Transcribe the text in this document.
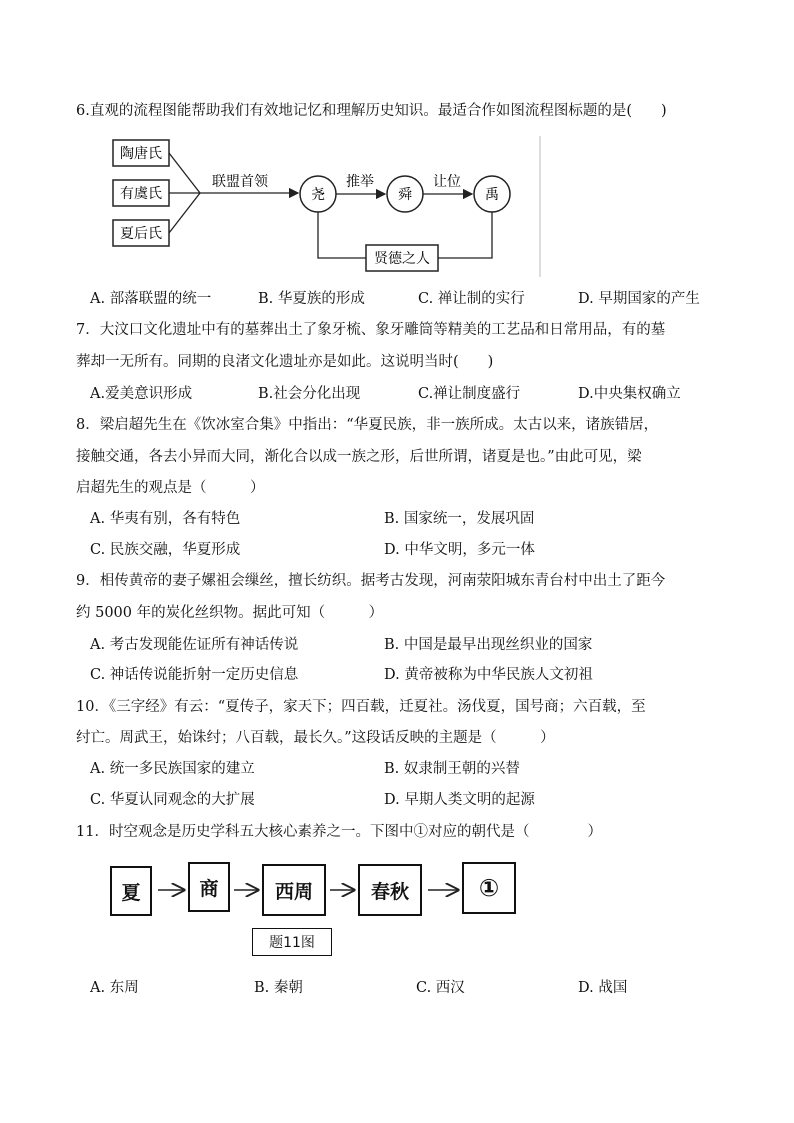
6.直观的流程图能帮助我们有效地记忆和理解历史知识。最适合作如图流程图标题的是(　　)
陶唐氏
有虞氏
夏后氏
联盟首领
尧	舜	禹
推举	让位
贤德之人
A. 部落联盟的统一	B. 华夏族的形成	C. 禅让制的实行	D. 早期国家的产生
7．大汶口文化遗址中有的墓葬出土了象牙梳、象牙雕筒等精美的工艺品和日常用品，有的墓
葬却一无所有。同期的良渚文化遗址亦是如此。这说明当时(　　)
A.爱美意识形成	B.社会分化出现	C.禅让制度盛行	D.中央集权确立
8．梁启超先生在《饮冰室合集》中指出：“华夏民族，非一族所成。太古以来，诸族错居，
接触交通，各去小异而大同，渐化合以成一族之形，后世所谓，诸夏是也。”由此可见，梁
启超先生的观点是（　　　）
A. 华夷有别，各有特色	B. 国家统一，发展巩固
C. 民族交融，华夏形成	D. 中华文明，多元一体
9．相传黄帝的妻子嫘祖会缫丝，擅长纺织。据考古发现，河南荥阳城东青台村中出土了距今
约 5000 年的炭化丝织物。据此可知（　　　）
A. 考古发现能佐证所有神话传说	B. 中国是最早出现丝织业的国家
C. 神话传说能折射一定历史信息	D. 黄帝被称为中华民族人文初祖
10．《三字经》有云：“夏传子，家天下；四百载，迁夏社。汤伐夏，国号商；六百载，至
纣亡。周武王，始诛纣；八百载，最长久。”这段话反映的主题是（　　　）
A. 统一多民族国家的建立	B. 奴隶制王朝的兴替
C. 华夏认同观念的大扩展	D. 早期人类文明的起源
11．时空观念是历史学科五大核心素养之一。下图中①对应的朝代是（　　　　）
夏	商	西周	春秋	①
题11图
A. 东周	B. 秦朝	C. 西汉	D. 战国
